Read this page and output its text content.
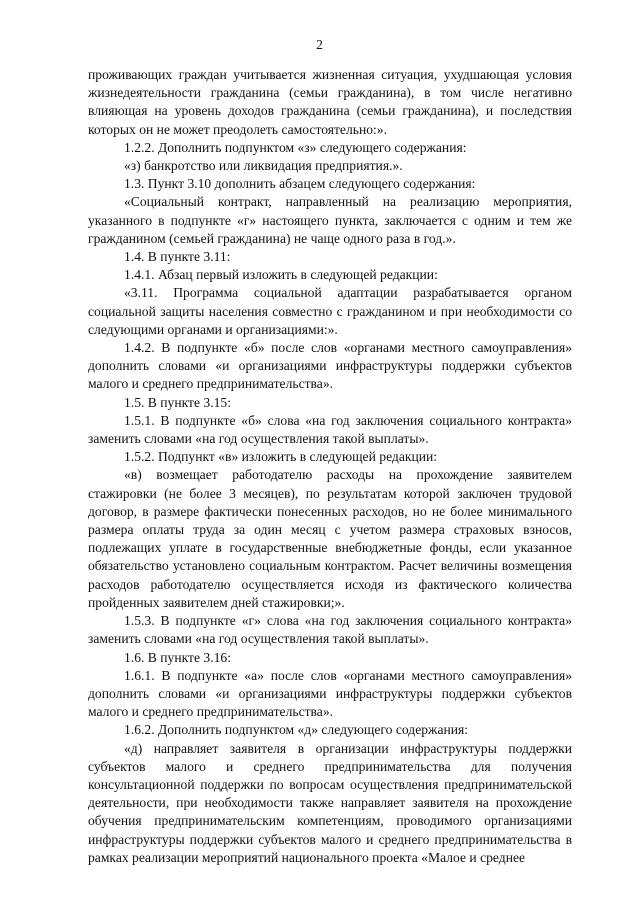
2

проживающих граждан учитывается жизненная ситуация, ухудшающая условия жизнедеятельности гражданина (семьи гражданина), в том числе негативно влияющая на уровень доходов гражданина (семьи гражданина), и последствия которых он не может преодолеть самостоятельно:».

1.2.2. Дополнить подпунктом «з» следующего содержания:

«з) банкротство или ликвидация предприятия.».

1.3. Пункт 3.10 дополнить абзацем следующего содержания:

«Социальный контракт, направленный на реализацию мероприятия, указанного в подпункте «г» настоящего пункта, заключается с одним и тем же гражданином (семьей гражданина) не чаще одного раза в год.».

1.4. В пункте 3.11:

1.4.1. Абзац первый изложить в следующей редакции:

«3.11. Программа социальной адаптации разрабатывается органом социальной защиты населения совместно с гражданином и при необходимости со следующими органами и организациями:».

1.4.2. В подпункте «б» после слов «органами местного самоуправления» дополнить словами «и организациями инфраструктуры поддержки субъектов малого и среднего предпринимательства».

1.5. В пункте 3.15:

1.5.1. В подпункте «б» слова «на год заключения социального контракта» заменить словами «на год осуществления такой выплаты».

1.5.2. Подпункт «в» изложить в следующей редакции:

«в) возмещает работодателю расходы на прохождение заявителем стажировки (не более 3 месяцев), по результатам которой заключен трудовой договор, в размере фактически понесенных расходов, но не более минимального размера оплаты труда за один месяц с учетом размера страховых взносов, подлежащих уплате в государственные внебюджетные фонды, если указанное обязательство установлено социальным контрактом. Расчет величины возмещения расходов работодателю осуществляется исходя из фактического количества пройденных заявителем дней стажировки;».

1.5.3. В подпункте «г» слова «на год заключения социального контракта» заменить словами «на год осуществления такой выплаты».

1.6. В пункте 3.16:

1.6.1. В подпункте «а» после слов «органами местного самоуправления» дополнить словами «и организациями инфраструктуры поддержки субъектов малого и среднего предпринимательства».

1.6.2. Дополнить подпунктом «д» следующего содержания:

«д) направляет заявителя в организации инфраструктуры поддержки субъектов малого и среднего предпринимательства для получения консультационной поддержки по вопросам осуществления предпринимательской деятельности, при необходимости также направляет заявителя на прохождение обучения предпринимательским компетенциям, проводимого организациями инфраструктуры поддержки субъектов малого и среднего предпринимательства в рамках реализации мероприятий национального проекта «Малое и среднее
